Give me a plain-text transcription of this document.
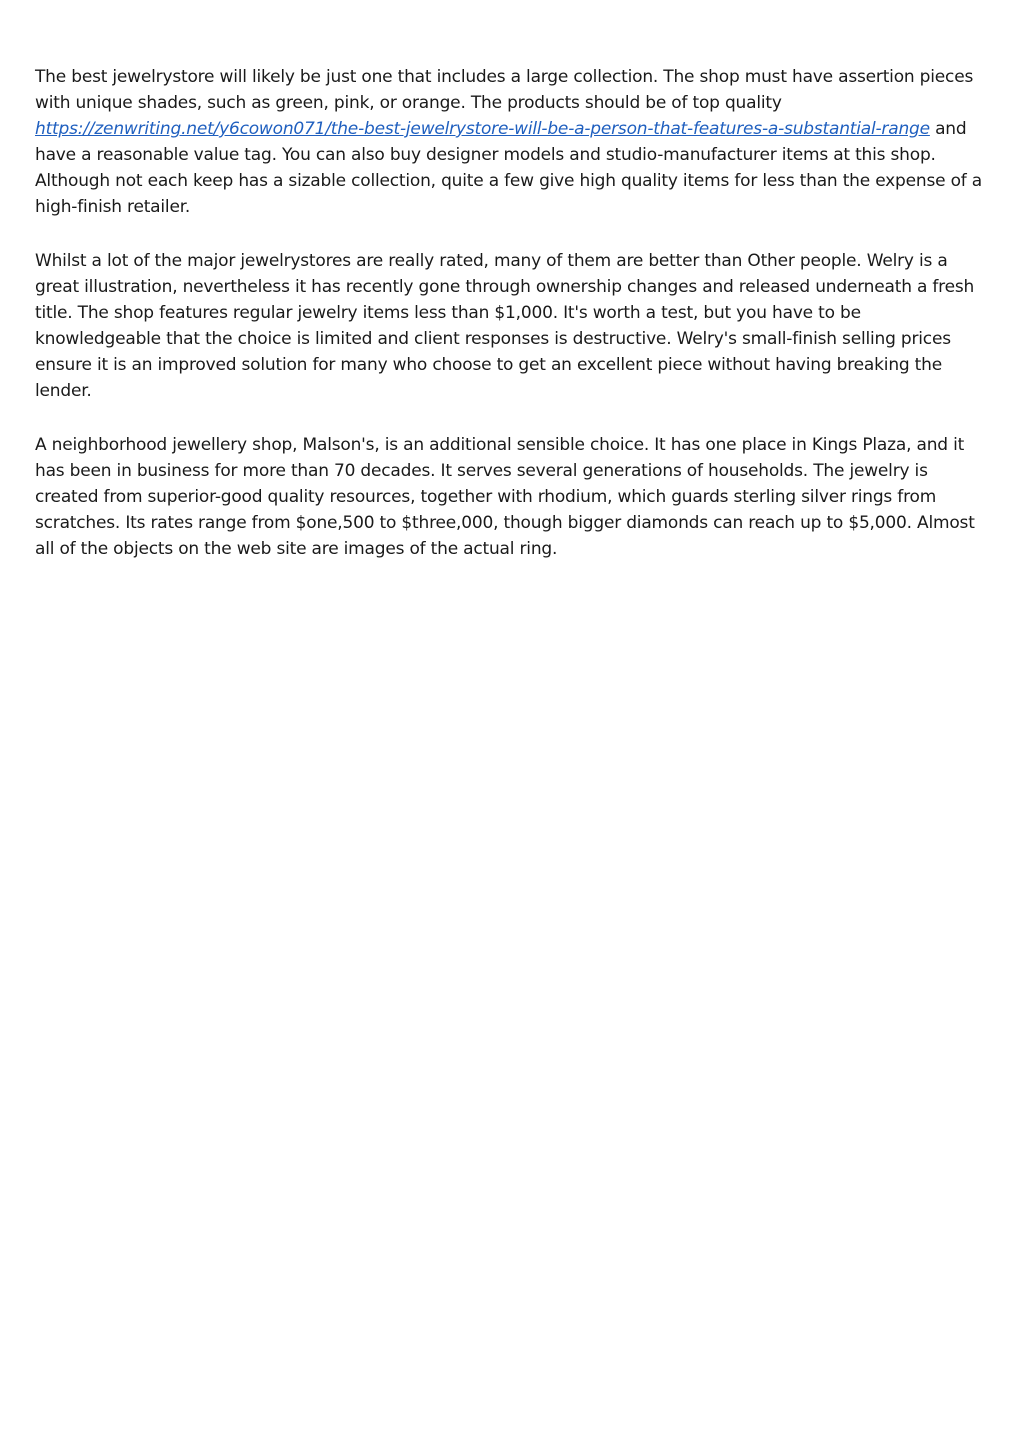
The best jewelrystore will likely be just one that includes a large collection. The shop must have assertion pieces with unique shades, such as green, pink, or orange. The products should be of top quality https://zenwriting.net/y6cowon071/the-best-jewelrystore-will-be-a-person-that-features-a-substantial-range and have a reasonable value tag. You can also buy designer models and studio-manufacturer items at this shop. Although not each keep has a sizable collection, quite a few give high quality items for less than the expense of a high-finish retailer.

Whilst a lot of the major jewelrystores are really rated, many of them are better than Other people. Welry is a great illustration, nevertheless it has recently gone through ownership changes and released underneath a fresh title. The shop features regular jewelry items less than $1,000. It's worth a test, but you have to be knowledgeable that the choice is limited and client responses is destructive. Welry's small-finish selling prices ensure it is an improved solution for many who choose to get an excellent piece without having breaking the lender.

A neighborhood jewellery shop, Malson's, is an additional sensible choice. It has one place in Kings Plaza, and it has been in business for more than 70 decades. It serves several generations of households. The jewelry is created from superior-good quality resources, together with rhodium, which guards sterling silver rings from scratches. Its rates range from $one,500 to $three,000, though bigger diamonds can reach up to $5,000. Almost all of the objects on the web site are images of the actual ring.
